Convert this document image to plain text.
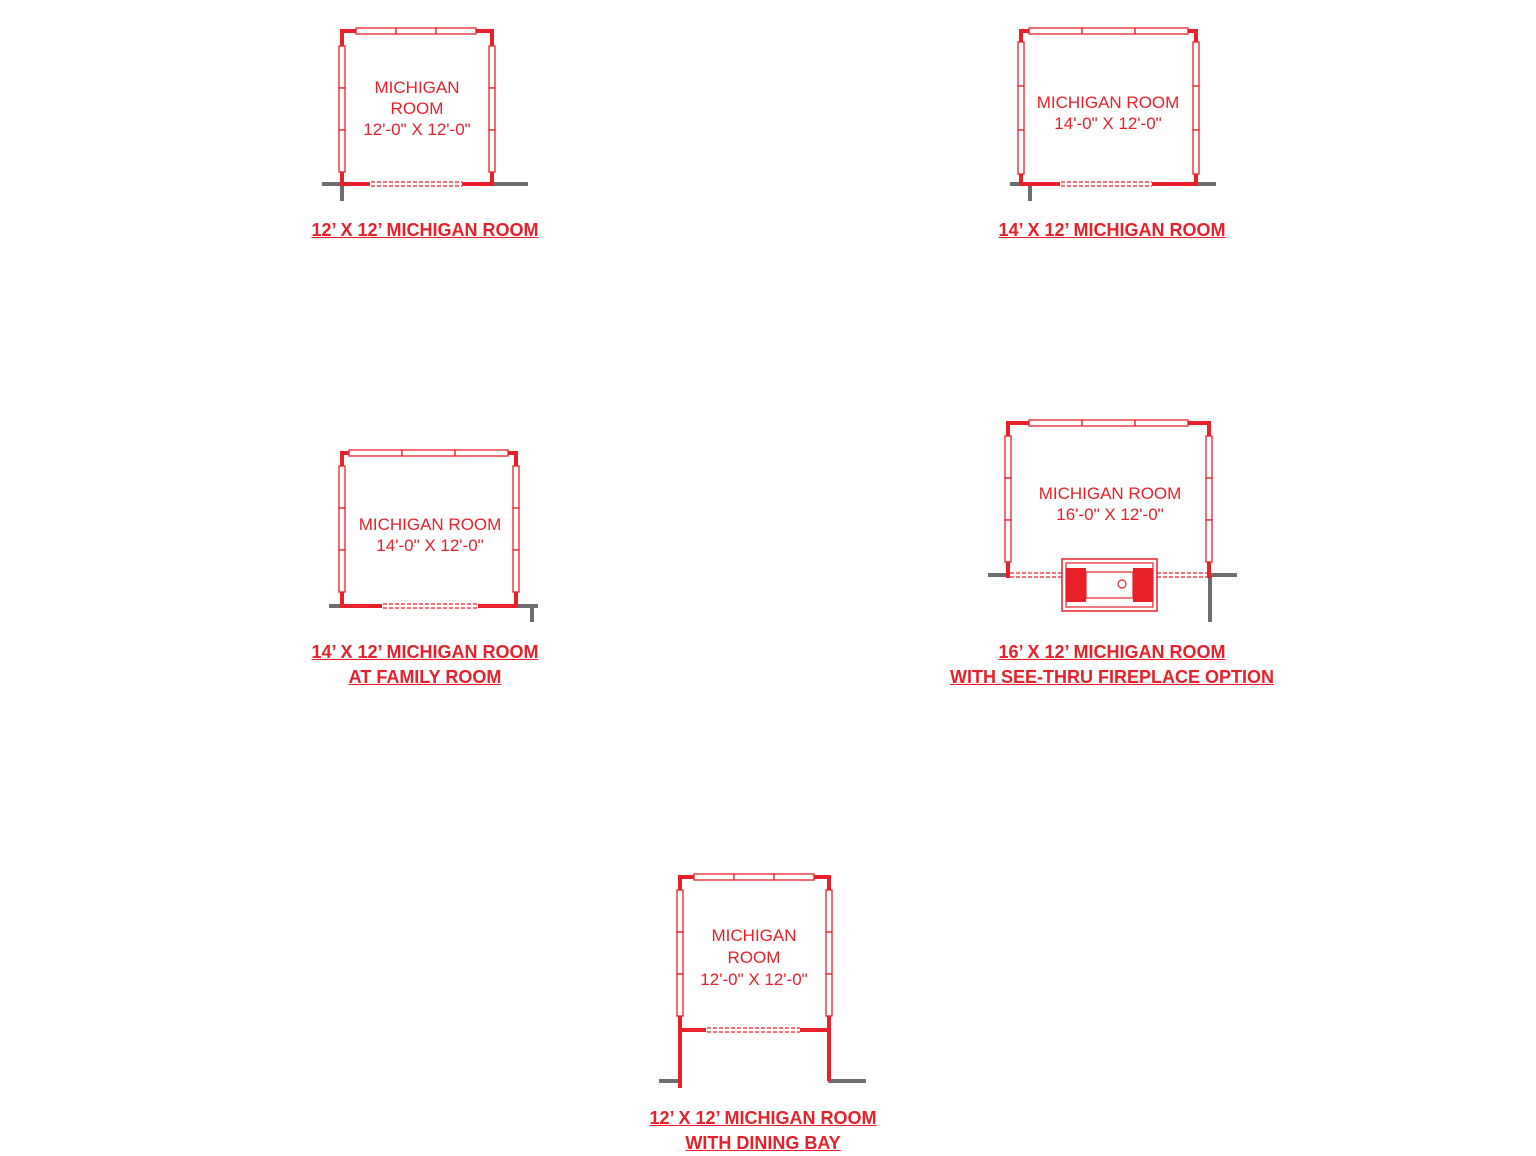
MICHIGAN
ROOM
12'-0" X 12'-0"
MICHIGAN ROOM
14'-0" X 12'-0"
MICHIGAN ROOM
14'-0" X 12'-0"
MICHIGAN ROOM
16'-0" X 12'-0"
MICHIGAN
ROOM
12'-0" X 12'-0"
12’ X 12’ MICHIGAN ROOM	14’ X 12’ MICHIGAN ROOM
14’ X 12’ MICHIGAN ROOM
AT FAMILY ROOM
16’ X 12’ MICHIGAN ROOM
WITH SEE-THRU FIREPLACE OPTION
12’ X 12’ MICHIGAN ROOM
WITH DINING BAY
